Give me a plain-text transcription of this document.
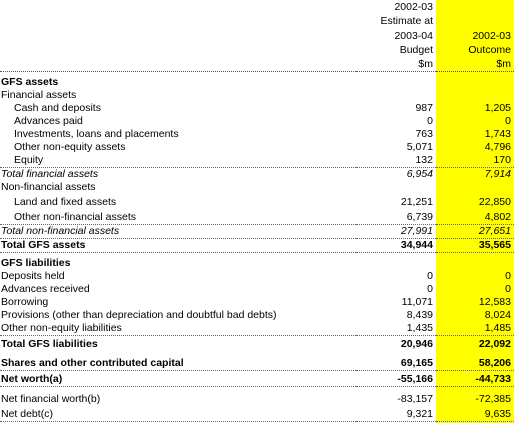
	2002-03	
	Estimate at	
	2003-04	2002-03
	Budget	Outcome
	$m	$m

GFS assets		
Financial assets		
Cash and deposits	987	1,205
Advances paid	0	0
Investments, loans and placements	763	1,743
Other non-equity assets	5,071	4,796
Equity	132	170
Total financial assets	6,954	7,914
Non-financial assets		
Land and fixed assets	21,251	22,850
Other non-financial assets	6,739	4,802
Total non-financial assets	27,991	27,651
Total GFS assets	34,944	35,565

GFS liabilities		
Deposits held	0	0
Advances received	0	0
Borrowing	11,071	12,583
Provisions (other than depreciation and doubtful bad debts)	8,439	8,024
Other non-equity liabilities	1,435	1,485
Total GFS liabilities	20,946	22,092

Shares and other contributed capital	69,165	58,206
Net worth(a)	-55,166	-44,733

Net financial worth(b)	-83,157	-72,385
Net debt(c)	9,321	9,635
